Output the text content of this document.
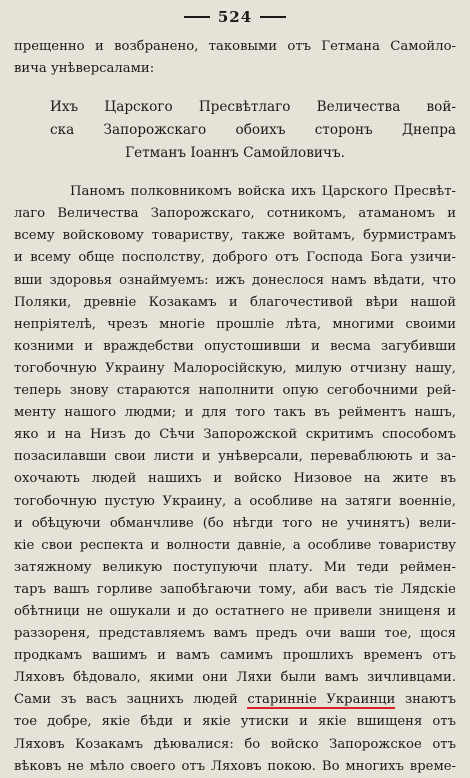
524
прещенно и возбранено, таковыми отъ Гетмана Самойло-
вича унѣверсалами:
Ихъ Царского Пресвѣтлаго Величества вой-
ска Запорожскаго обоихъ сторонъ Днепра
Гетманъ Іоаннъ Самойловичъ.
Паномъ полковникомъ войска ихъ Царского Пресвѣт-
лаго Величества Запорожскаго, сотникомъ, атаманомъ и
всему войсковому товариству, также войтамъ, бурмистрамъ
и всему обще посполству, доброго отъ Господа Бога узичи-
вши здоровья ознаймуемъ: ижъ донеслося намъ вѣдати, что
Поляки, древніе Козакамъ и благочестивой вѣри нашой
непріятелѣ, чрезъ многіе прошліе лѣта, многими своими
козними и враждебстви опустошивши и весма загубивши
тогобочную Украину Малоросійскую, милую отчизну нашу,
теперь зновy стараются наполнити опую сегобочними рей-
менту нашого людми; и для того такъ въ рейментъ нашъ,
яко и на Низъ до Сѣчи Запорожской скритимъ способомъ
позасилавши свои листи и унѣверсали, переваблюють и за-
охочають людей нашихъ и войско Низовое на жите въ
тогобочную пустую Украину, а особливе на затяги военніе,
и обѣцуючи обманчливе (бо нѣгди того не учинятъ) вели-
кіе свои респекта и волности давніе, а особливе товариству
затяжному великую поступуючи плату. Ми теди реймен-
таръ вашъ горливе запобѣгаючи тому, аби васъ тіе Лядскіе
обѣтници не ошукали и до остатнего не привели знищеня и
раззореня, представляемъ вамъ предъ очи ваши тое, щося
продкамъ вашимъ и вамъ самимъ прошлихъ временъ отъ
Ляховъ бѣдовало, якими они Ляхи были вамъ зичливцами.
Сами зъ васъ зацнихъ людей старинніе Украинци знаютъ
тое добре, якіе бѣди и якіе утиски и якіе вшищеня отъ
Ляховъ Козакамъ дѣювалися: бо войско Запорожское отъ
вѣковъ не мѣло своего отъ Ляховъ покою. Во многихъ време-
